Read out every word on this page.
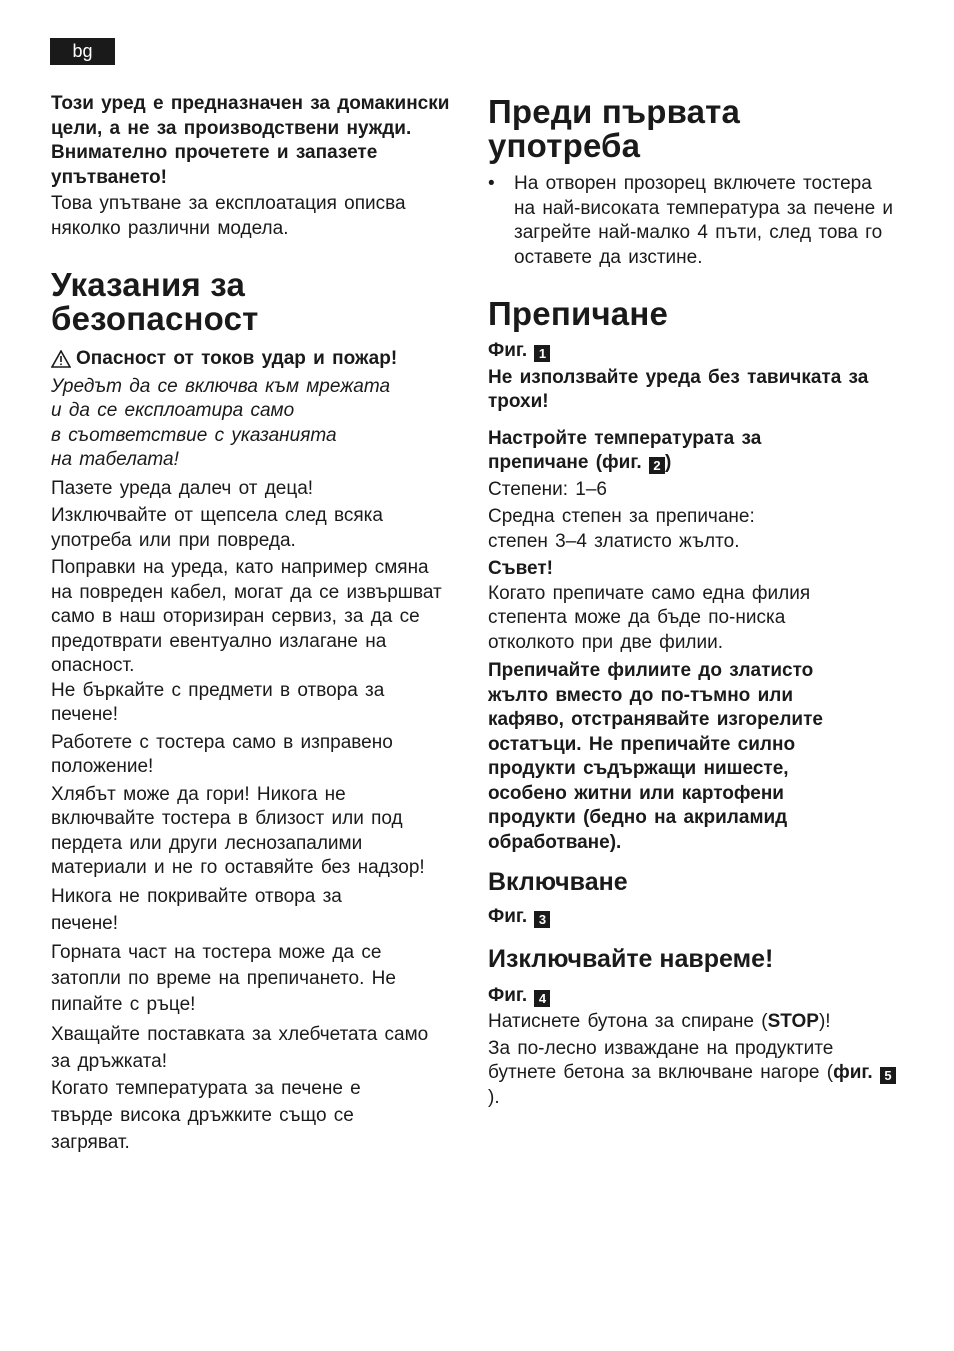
bg

Този уред е предназначен за домакински цели, а не за производствени нужди. Внимателно прочетете и запазете упътването!

Това упътване за експлоатация описва няколко различни модела.

Указания за
безопасност

Опасност от токов удар и пожар!

Уредът да се включва към мрежата

и да се експлоатира само

в съответствие с указанията

на табелата!

Пазете уреда далеч от деца!

Изключвайте от щепсела след всяка употреба или при повреда.

Поправки на уреда, като например смяна на повреден кабел, могат да се извършват само в наш оторизиран сервиз, за да се предотврати евентуално излагане на опасност.

Не бъркайте с предмети в отвора за печене!

Работете с тостера само в изправено положение!

Хлябът може да гори! Никога не включвайте тостера в близост или под пердета или други леснозапалими материали и не го оставяйте без надзор!

Никога не покривайте отвора за печене!

Горната част на тостера може да се затопли по време на препичането. Не пипайте с ръце!

Хващайте поставката за хлебчетата само за дръжката!

Когато температурата за печене е твърде висока дръжките също се загряват.

Преди първата
употреба
•	На отворен прозорец включете тостера на най-високата температура за печене и загрейте най-малко 4 пъти, след това го оставете да изстине.

Препичане

Фиг. 1

Не използвайте уреда без тавичката за трохи!

Настройте температурата за
препичане (фиг. 2 )

Степени: 1–6

Средна степен за препичане:
степен 3–4 златисто жълто.

Съвет!

Когато препичате само една филия степента може да бъде по-ниска отколкото при две филии.

Препичайте филиите до златисто жълто вместо до по-тъмно или кафяво, отстранявайте изгорелите остатъци. Не препичайте силно продукти съдържащи нишесте, особено житни или картофени продукти (бедно на акриламид обработване).

Включване

Фиг. 3

Изключвайте навреме!

Фиг. 4

Натиснете бутона за спиране (STOP)!

За по-лесно изваждане на продуктите бутнете бетона за включване нагоре (фиг. 5).
